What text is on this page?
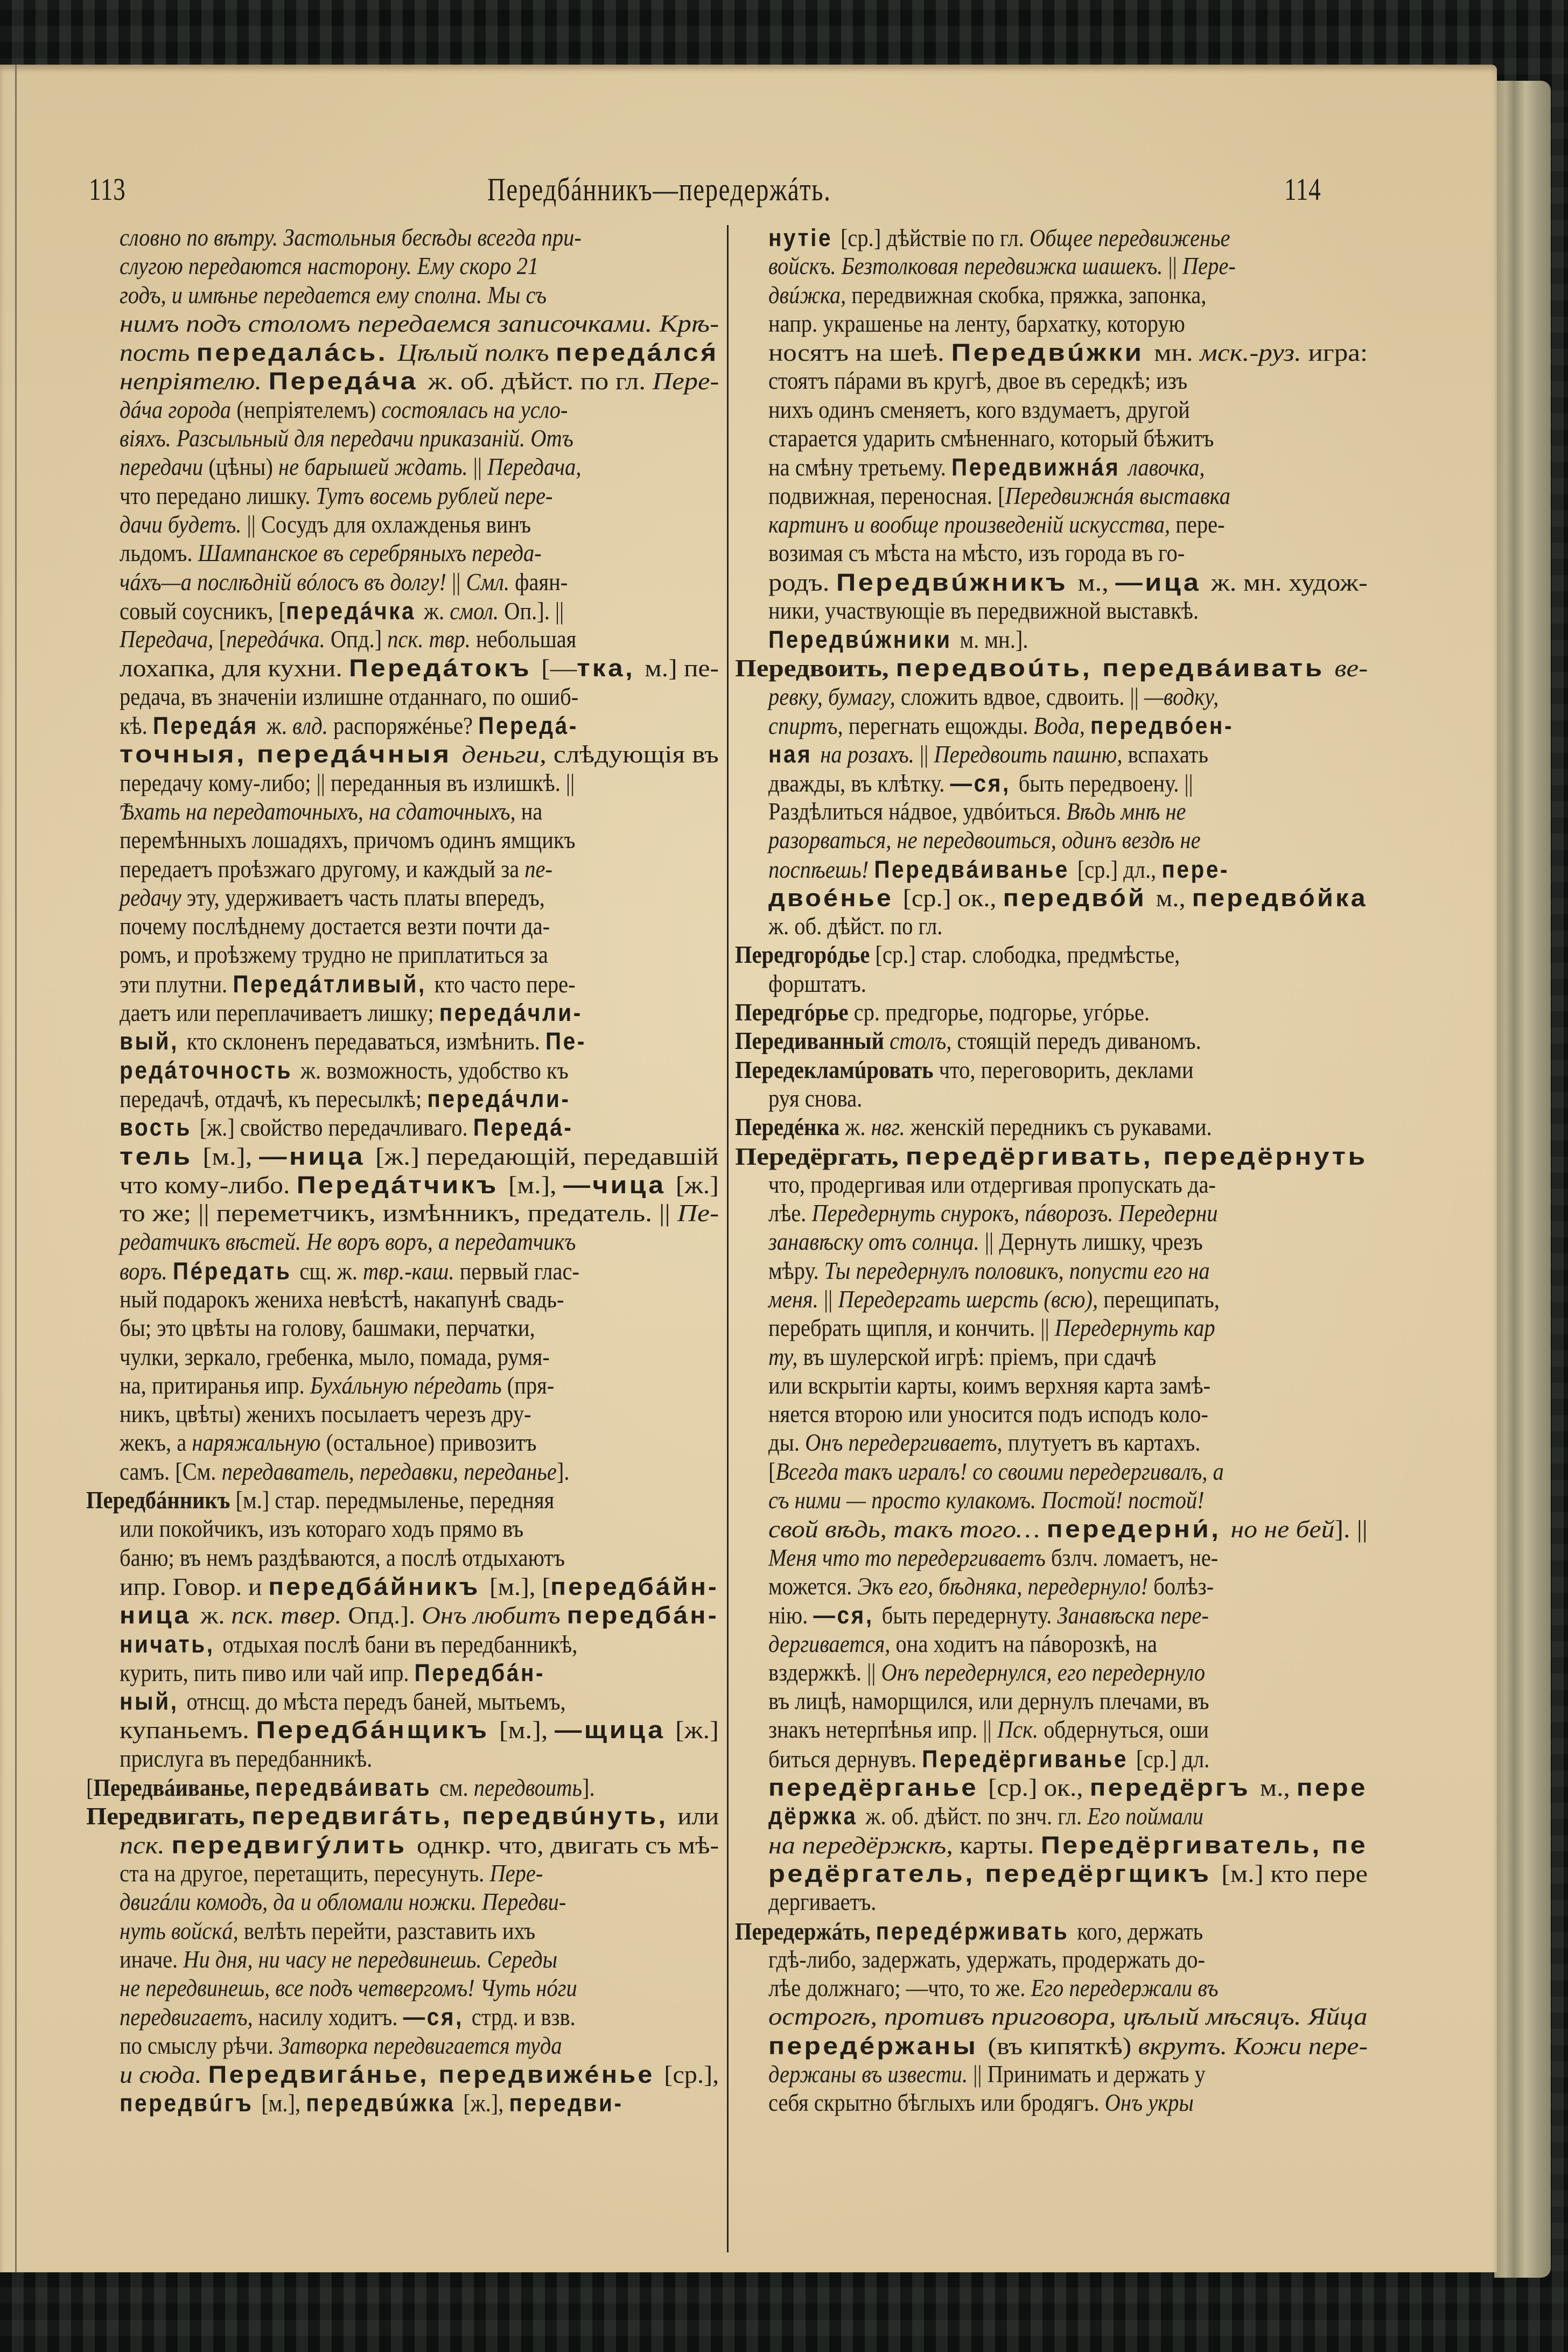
113	Передбáнникъ—передержáть.	114
словно по вѣтру. Застольныя бесѣды всегда при-
слугою передаются насторону. Ему скоро 21
годъ, и имѣнье передается ему сполна. Мы съ
нимъ подъ столомъ передаемся записочками. Крѣ-
пость передалáсь. Цѣлый полкъ передáлся́
непріятелю. Передáча ж. об. дѣйст. по гл. Пере-
дáча города (непріятелемъ) состоялась на усло-
віяхъ. Разсыльный для передачи приказаній. Отъ
передачи (цѣны) не барышей ждать. || Передача,
что передано лишку. Тутъ восемь рублей пере-
дачи будетъ. || Сосудъ для охлажденья винъ
льдомъ. Шампанское въ серебряныхъ переда-
чáхъ—а послѣдній вóлосъ въ долгу! || Смл. фаян-
совый соусникъ, [передáчка ж. смол. Оп.]. ||
Передача, [передáчка. Опд.] пск. твр. небольшая
лохапка, для кухни. Передáтокъ [—тка, м.] пе-
редача, въ значеніи излишне отданнаго, по ошиб-
кѣ. Передáя ж. влд. распоряжéнье? Передá-
точныя, передáчныя деньги, слѣдующія въ
передачу кому-либо; || переданныя въ излишкѣ. ||
Ѣхать на передаточныхъ, на сдаточныхъ, на
перемѣнныхъ лошадяхъ, причомъ одинъ ямщикъ
передаетъ проѣзжаго другому, и каждый за пе-
редачу эту, удерживаетъ часть платы впередъ,
почему послѣднему достается везти почти да-
ромъ, и проѣзжему трудно не приплатиться за
эти плутни. Передáтливый, кто часто пере-
даетъ или переплачиваетъ лишку; передáчли-
вый, кто склоненъ передаваться, измѣнить. Пе-
редáточность ж. возможность, удобство къ
передачѣ, отдачѣ, къ пересылкѣ; передáчли-
вость [ж.] свойство передачливаго. Передá-
тель [м.], —ница [ж.] передающій, передавшій
что кому-либо. Передáтчикъ [м.], —чица [ж.]
то же; || переметчикъ, измѣнникъ, предатель. || Пе-
редатчикъ вѣстей. Не воръ воръ, а передатчикъ
воръ. Пéредать сщ. ж. твр.-каш. первый глас-
ный подарокъ жениха невѣстѣ, накапунѣ свадь-
бы; это цвѣты на голову, башмаки, перчатки,
чулки, зеркало, гребенка, мыло, помада, румя-
на, притиранья ипр. Бухáльную пéредать (пря-
никъ, цвѣты) женихъ посылаетъ черезъ дру-
жекъ, а наряжальную (остальное) привозитъ
самъ. [См. передаватель, передавки, переданье].
Передбáнникъ [м.] стар. передмыленье, передняя
или покойчикъ, изъ котораго ходъ прямо въ
баню; въ немъ раздѣваются, а послѣ отдыхаютъ
ипр. Говор. и передбáйникъ [м.], [передбáйн-
ница ж. пск. твер. Опд.]. Онъ любитъ передбáн-
ничать, отдыхая послѣ бани въ передбанникѣ,
курить, пить пиво или чай ипр. Передбáн-
ный, отнсщ. до мѣста передъ баней, мытьемъ,
купаньемъ. Передбáнщикъ [м.], —щица [ж.]
прислуга въ передбанникѣ.
[Передвáиванье, передвáивать см. передвоить].
Передвигать, передвигáть, передвúнуть, или
пск. передвигýлить однкр. что, двигать съ мѣ-
ста на другое, перетащить, пересунуть. Пере-
двигáли комодъ, да и обломали ножки. Передви-
нуть войскá, велѣть перейти, разставить ихъ
иначе. Ни дня, ни часу не передвинешь. Середы
не передвинешь, все подъ четвергомъ! Чуть нóги
передвигаетъ, насилу ходитъ. —ся, стрд. и взв.
по смыслу рѣчи. Затворка передвигается туда
и сюда. Передвигáнье, передвижéнье [ср.],
передвúгъ [м.], передвúжка [ж.], передви-
нутіе [ср.] дѣйствіе по гл. Общее передвиженье
войскъ. Безтолковая передвижка шашекъ. || Пере-
двúжка, передвижная скобка, пряжка, запонка,
напр. украшенье на ленту, бархатку, которую
носятъ на шеѣ. Передвúжки мн. мск.-руз. игра:
стоятъ пáрами въ кругѣ, двое въ середкѣ; изъ
нихъ одинъ сменяетъ, кого вздумаетъ, другой
старается ударить смѣненнаго, который бѣжитъ
на смѣну третьему. Передвижнáя лавочка,
подвижная, переносная. [Передвижнáя выставка
картинъ и вообще произведеній искусства, пере-
возимая съ мѣста на мѣсто, изъ города въ го-
родъ. Передвúжникъ м., —ица ж. мн. худож-
ники, участвующіе въ передвижной выставкѣ.
Передвúжники м. мн.].
Передвоить, передвоúть, передвáивать ве-
ревку, бумагу, сложить вдвое, сдвоить. || —водку,
спиртъ, перегнать ещожды. Вода, передвóен-
ная на розахъ. || Передвоить пашню, вспахать
дважды, въ клѣтку. —ся, быть передвоену. ||
Раздѣлиться нáдвое, удвóиться. Вѣдь мнѣ не
разорваться, не передвоиться, одинъ вездѣ не
поспѣешь! Передвáиванье [ср.] дл., пере-
двоéнье [ср.] ок., передвóй м., передвóйка
ж. об. дѣйст. по гл.
Передгорóдье [ср.] стар. слободка, предмѣстье,
форштатъ.
Передгóрье ср. предгорье, подгорье, угóрье.
Передиванный столъ, стоящій передъ диваномъ.
Передекламúровать что, переговорить, деклами
руя снова.
Передéнка ж. нвг. женскій передникъ съ рукавами.
Передёргать, передёргивать, передёрнуть
что, продергивая или отдергивая пропускать да-
лѣе. Передернуть снурокъ, пáворозъ. Передерни
занавѣску отъ солнца. || Дернуть лишку, чрезъ
мѣру. Ты передернулъ половикъ, попусти его на
меня. || Передергать шерсть (всю), перещипать,
перебрать щипля, и кончить. || Передернуть кар
ту, въ шулерской игрѣ: пріемъ, при сдачѣ
или вскрытіи карты, коимъ верхняя карта замѣ-
няется второю или уносится подъ исподъ коло-
ды. Онъ передергиваетъ, плутуетъ въ картахъ.
[Всегда такъ игралъ! со своими передергивалъ, а
съ ними — просто кулакомъ. Постой! постой!
свой вѣдь, такъ того… передерни́, но не бей]. ||
Меня что то передергиваетъ бзлч. ломаетъ, не-
можется. Экъ его, бѣдняка, передернуло! болѣз-
нію. —ся, быть передернуту. Занавѣска пере-
дергивается, она ходитъ на пáворозкѣ, на
вздержкѣ. || Онъ передернулся, его передернуло
въ лицѣ, наморщился, или дернулъ плечами, въ
знакъ нетерпѣнья ипр. || Пск. обдернуться, оши
биться дернувъ. Передёргиванье [ср.] дл.
передёрганье [ср.] ок., передёргъ м., пере
дёржка ж. об. дѣйст. по знч. гл. Его поймали
на передёржкѣ, карты. Передёргиватель, пе
редёргатель, передёргщикъ [м.] кто пере
дергиваетъ.
Передержáть, передéрживать кого, держать
гдѣ-либо, задержать, удержать, продержать до-
лѣе должнаго; —что, то же. Его передержали въ
острогѣ, противъ приговора, цѣлый мѣсяцъ. Яйца
передéржаны (въ кипяткѣ) вкрутъ. Кожи пере-
держаны въ извести. || Принимать и держать у
себя скрытно бѣглыхъ или бродягъ. Онъ укры
